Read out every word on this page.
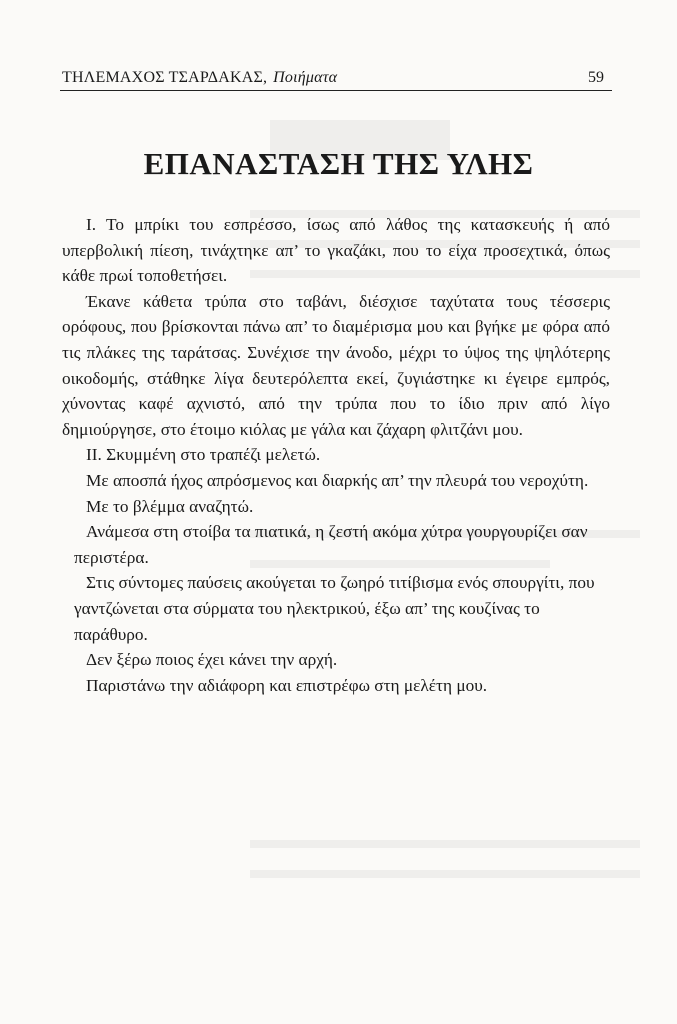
ΤΗΛΕΜΑΧΟΣ ΤΣΑΡΔΑΚΑΣ, Ποιήματα	59
ΕΠΑΝΑΣΤΑΣΗ ΤΗΣ ΥΛΗΣ

Ι. Το μπρίκι του εσπρέσσο, ίσως από λάθος της κατασκευής ή από υπερβολική πίεση, τινάχτηκε απ’ το γκαζάκι, που το είχα προσεχτικά, όπως κάθε πρωί τοποθετήσει.

Έκανε κάθετα τρύπα στο ταβάνι, διέσχισε ταχύτατα τους τέσσερις ορόφους, που βρίσκονται πάνω απ’ το διαμέρισμα μου και βγήκε με φόρα από τις πλάκες της ταράτσας. Συνέχισε την άνοδο, μέχρι το ύψος της ψηλότερης οικοδομής, στάθηκε λίγα δευτερόλεπτα εκεί, ζυγιάστηκε κι έγειρε εμπρός, χύνοντας καφέ αχνιστό, από την τρύπα που το ίδιο πριν από λίγο δημιούργησε, στο έτοιμο κιόλας με γάλα και ζάχαρη φλιτζάνι μου.

ΙΙ. Σκυμμένη στο τραπέζι μελετώ.

Με αποσπά ήχος απρόσμενος και διαρκής απ’ την πλευρά του νεροχύτη.

Με το βλέμμα αναζητώ.

Ανάμεσα στη στοίβα τα πιατικά, η ζεστή ακόμα χύτρα γουργουρίζει σαν

περιστέρα.

Στις σύντομες παύσεις ακούγεται το ζωηρό τιτίβισμα ενός σπουργίτι, που

γαντζώνεται στα σύρματα του ηλεκτρικού, έξω απ’ της κουζίνας το

παράθυρο.

Δεν ξέρω ποιος έχει κάνει την αρχή.

Παριστάνω την αδιάφορη και επιστρέφω στη μελέτη μου.
